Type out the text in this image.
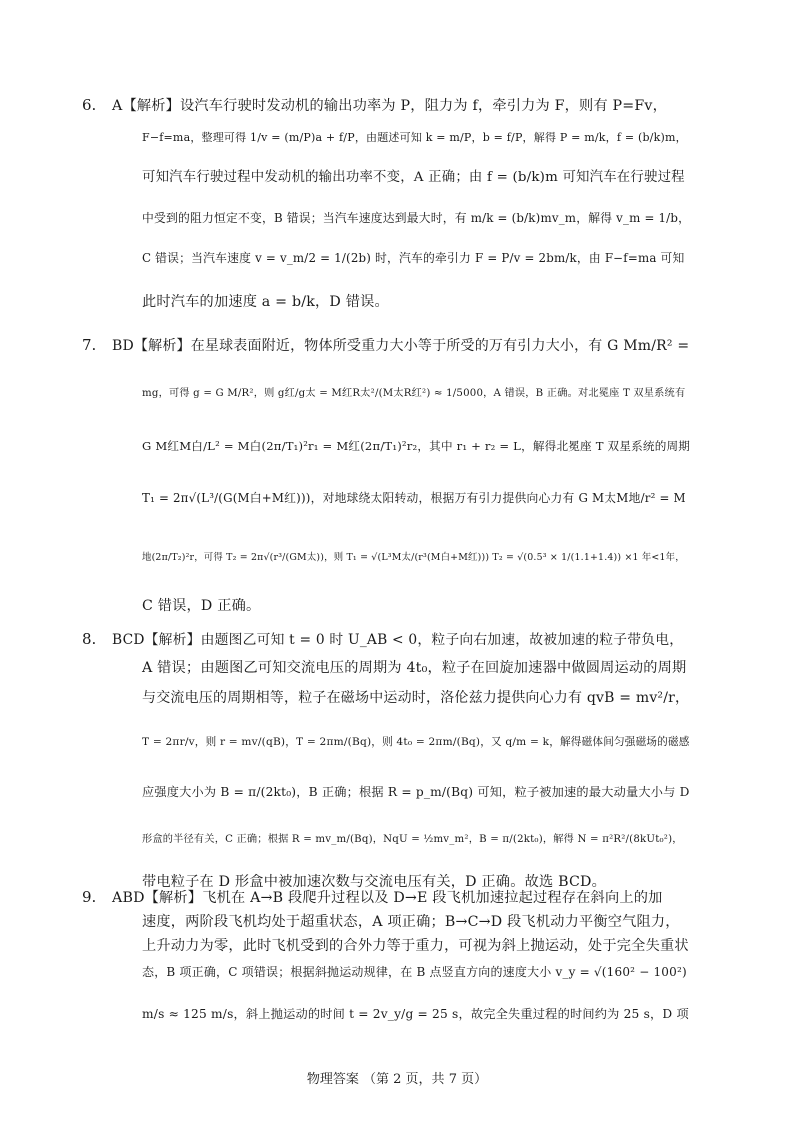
6. A【解析】设汽车行驶时发动机的输出功率为 P，阻力为 f，牵引力为 F，则有 P=Fv，
F−f=ma，整理可得 1/v = (m/P)a + f/P，由题述可知 k = m/P，b = f/P，解得 P = m/k，f = (b/k)m，
可知汽车行驶过程中发动机的输出功率不变，A 正确；由 f = (b/k)m 可知汽车在行驶过程
中受到的阻力恒定不变，B 错误；当汽车速度达到最大时，有 m/k = (b/k)mv_m，解得 v_m = 1/b，
C 错误；当汽车速度 v = v_m/2 = 1/(2b) 时，汽车的牵引力 F = P/v = 2bm/k，由 F−f=ma 可知
此时汽车的加速度 a = b/k，D 错误。
7. BD【解析】在星球表面附近，物体所受重力大小等于所受的万有引力大小，有 G Mm/R² =
mg，可得 g = G M/R²，则 g红/g太 = M红R太²/(M太R红²) ≈ 1/5000，A 错误，B 正确。对北冕座 T 双星系统有
G M红M白/L² = M白(2π/T₁)²r₁ = M红(2π/T₁)²r₂，其中 r₁ + r₂ = L，解得北冕座 T 双星系统的周期
T₁ = 2π√(L³/(G(M白+M红)))，对地球绕太阳转动，根据万有引力提供向心力有 G M太M地/r² = M
地(2π/T₂)²r，可得 T₂ = 2π√(r³/(GM太))，则 T₁ = √(L³M太/(r³(M白+M红))) T₂ = √(0.5³ × 1/(1.1+1.4)) ×1 年<1年，
C 错误，D 正确。
8. BCD【解析】由题图乙可知 t = 0 时 U_AB < 0，粒子向右加速，故被加速的粒子带负电，
A 错误；由题图乙可知交流电压的周期为 4t₀，粒子在回旋加速器中做圆周运动的周期
与交流电压的周期相等，粒子在磁场中运动时，洛伦兹力提供向心力有 qvB = mv²/r，
T = 2πr/v，则 r = mv/(qB)，T = 2πm/(Bq)，则 4t₀ = 2πm/(Bq)，又 q/m = k，解得磁体间匀强磁场的磁感
应强度大小为 B = π/(2kt₀)，B 正确；根据 R = p_m/(Bq) 可知，粒子被加速的最大动量大小与 D
形盒的半径有关，C 正确；根据 R = mv_m/(Bq)，NqU = ½mv_m²，B = π/(2kt₀)，解得 N = π²R²/(8kUt₀²)，
带电粒子在 D 形盒中被加速次数与交流电压有关，D 正确。故选 BCD。
9. ABD【解析】飞机在 A→B 段爬升过程以及 D→E 段飞机加速拉起过程存在斜向上的加
速度，两阶段飞机均处于超重状态，A 项正确；B→C→D 段飞机动力平衡空气阻力，
上升动力为零，此时飞机受到的合外力等于重力，可视为斜上抛运动，处于完全失重状
态，B 项正确，C 项错误；根据斜抛运动规律，在 B 点竖直方向的速度大小 v_y = √(160² − 100²)
m/s ≈ 125 m/s，斜上抛运动的时间 t = 2v_y/g = 25 s，故完全失重过程的时间约为 25 s，D 项
物理答案 （第 2 页，共 7 页）
